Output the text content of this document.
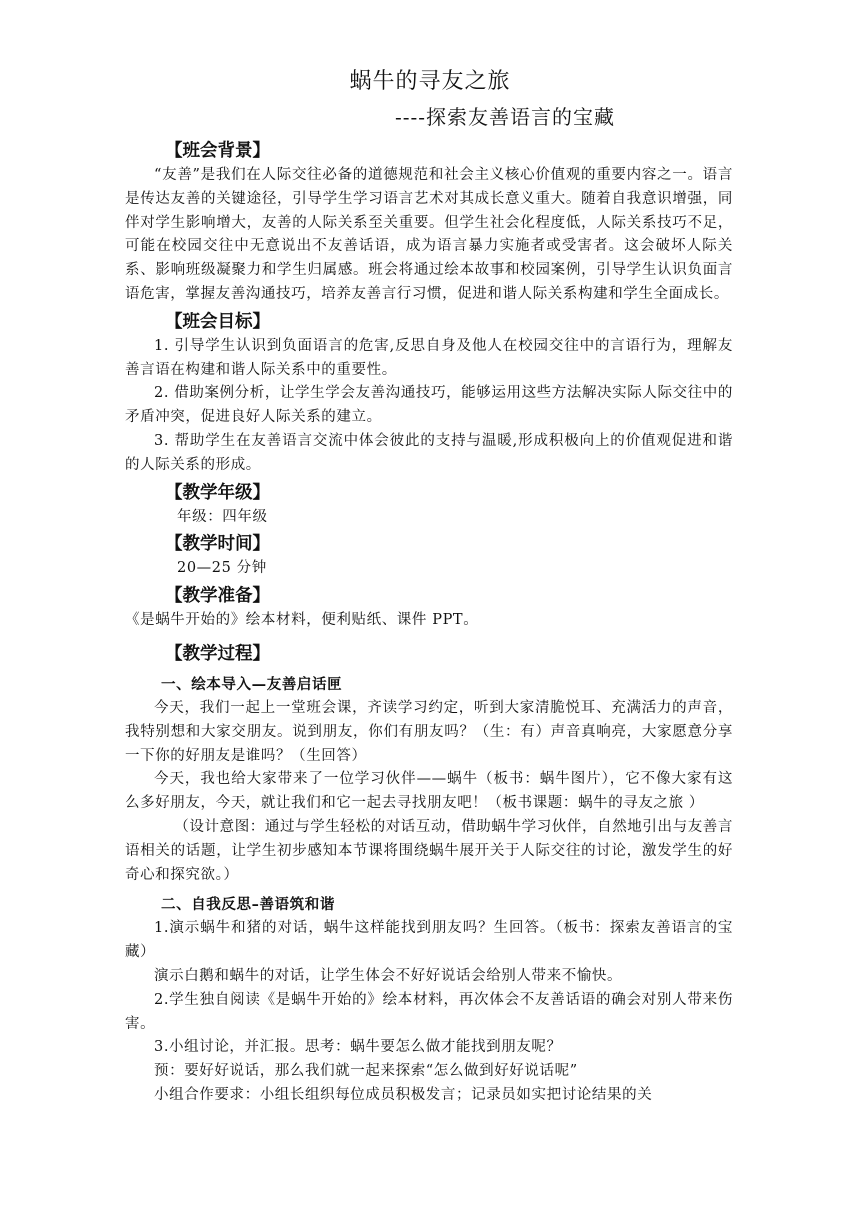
蜗牛的寻友之旅
----探索友善语言的宝藏
【班会背景】

“友善”是我们在人际交往必备的道德规范和社会主义核心价值观的重要内容之一。语言是传达友善的关键途径，引导学生学习语言艺术对其成长意义重大。随着自我意识增强，同伴对学生影响增大，友善的人际关系至关重要。但学生社会化程度低，人际关系技巧不足，可能在校园交往中无意说出不友善话语，成为语言暴力实施者或受害者。这会破坏人际关系、影响班级凝聚力和学生归属感。班会将通过绘本故事和校园案例，引导学生认识负面言语危害，掌握友善沟通技巧，培养友善言行习惯，促进和谐人际关系构建和学生全面成长。

【班会目标】

1. 引导学生认识到负面语言的危害,反思自身及他人在校园交往中的言语行为，理解友善言语在构建和谐人际关系中的重要性。

2. 借助案例分析，让学生学会友善沟通技巧，能够运用这些方法解决实际人际交往中的矛盾冲突，促进良好人际关系的建立。

3. 帮助学生在友善语言交流中体会彼此的支持与温暖,形成积极向上的价值观促进和谐的人际关系的形成。

【教学年级】

年级：四年级

【教学时间】

20—25 分钟

【教学准备】

《是蜗牛开始的》绘本材料，便利贴纸、课件 PPT。

【教学过程】
一、绘本导入—友善启话匣

今天，我们一起上一堂班会课，齐读学习约定，听到大家清脆悦耳、充满活力的声音，我特别想和大家交朋友。说到朋友，你们有朋友吗？（生：有）声音真响亮，大家愿意分享一下你的好朋友是谁吗？（生回答）

今天，我也给大家带来了一位学习伙伴——蜗牛（板书：蜗牛图片），它不像大家有这么多好朋友，今天，就让我们和它一起去寻找朋友吧！（板书课题：蜗牛的寻友之旅 ）

（设计意图：通过与学生轻松的对话互动，借助蜗牛学习伙伴，自然地引出与友善言语相关的话题，让学生初步感知本节课将围绕蜗牛展开关于人际交往的讨论，激发学生的好奇心和探究欲。）

二、自我反思–善语筑和谐

1.演示蜗牛和猪的对话，蜗牛这样能找到朋友吗？生回答。（板书：探索友善语言的宝藏）

演示白鹅和蜗牛的对话，让学生体会不好好说话会给别人带来不愉快。

2.学生独自阅读《是蜗牛开始的》绘本材料，再次体会不友善话语的确会对别人带来伤害。

3.小组讨论，并汇报。思考：蜗牛要怎么做才能找到朋友呢？

预：要好好说话，那么我们就一起来探索“怎么做到好好说话呢”

小组合作要求：小组长组织每位成员积极发言；记录员如实把讨论结果的关
